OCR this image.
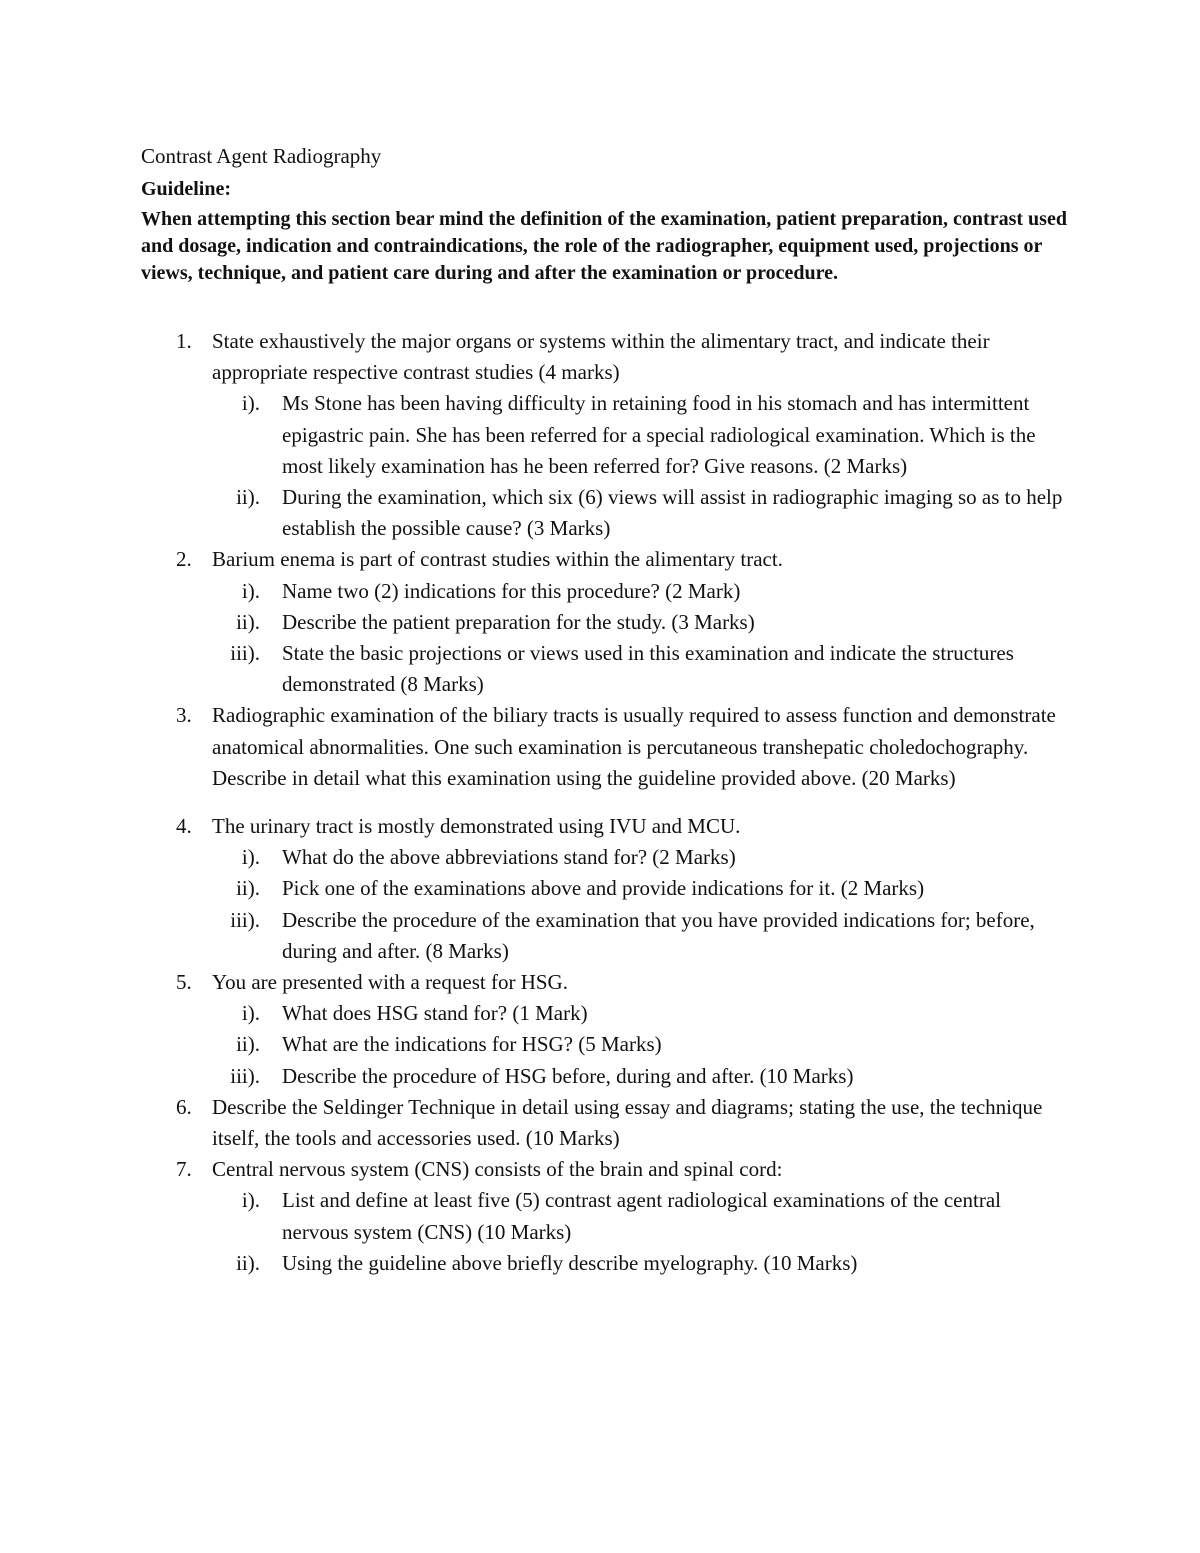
Contrast Agent Radiography

Guideline:

When attempting this section bear mind the definition of the examination, patient preparation, contrast used and dosage, indication and contraindications, the role of the radiographer, equipment used, projections or views, technique, and patient care during and after the examination or procedure.

1. State exhaustively the major organs or systems within the alimentary tract, and indicate their appropriate respective contrast studies (4 marks)
i). Ms Stone has been having difficulty in retaining food in his stomach and has intermittent epigastric pain. She has been referred for a special radiological examination. Which is the most likely examination has he been referred for? Give reasons. (2 Marks)
ii). During the examination, which six (6) views will assist in radiographic imaging so as to help establish the possible cause? (3 Marks)
2. Barium enema is part of contrast studies within the alimentary tract.
i). Name two (2) indications for this procedure? (2 Mark)
ii). Describe the patient preparation for the study. (3 Marks)
iii). State the basic projections or views used in this examination and indicate the structures demonstrated (8 Marks)
3. Radiographic examination of the biliary tracts is usually required to assess function and demonstrate anatomical abnormalities. One such examination is percutaneous transhepatic choledochography.
Describe in detail what this examination using the guideline provided above. (20 Marks)
4. The urinary tract is mostly demonstrated using IVU and MCU.
i). What do the above abbreviations stand for? (2 Marks)
ii). Pick one of the examinations above and provide indications for it. (2 Marks)
iii). Describe the procedure of the examination that you have provided indications for; before, during and after. (8 Marks)
5. You are presented with a request for HSG.
i). What does HSG stand for? (1 Mark)
ii). What are the indications for HSG? (5 Marks)
iii). Describe the procedure of HSG before, during and after. (10 Marks)
6. Describe the Seldinger Technique in detail using essay and diagrams; stating the use, the technique itself, the tools and accessories used. (10 Marks)
7. Central nervous system (CNS) consists of the brain and spinal cord:
i). List and define at least five (5) contrast agent radiological examinations of the central nervous system (CNS) (10 Marks)
ii). Using the guideline above briefly describe myelography. (10 Marks)
